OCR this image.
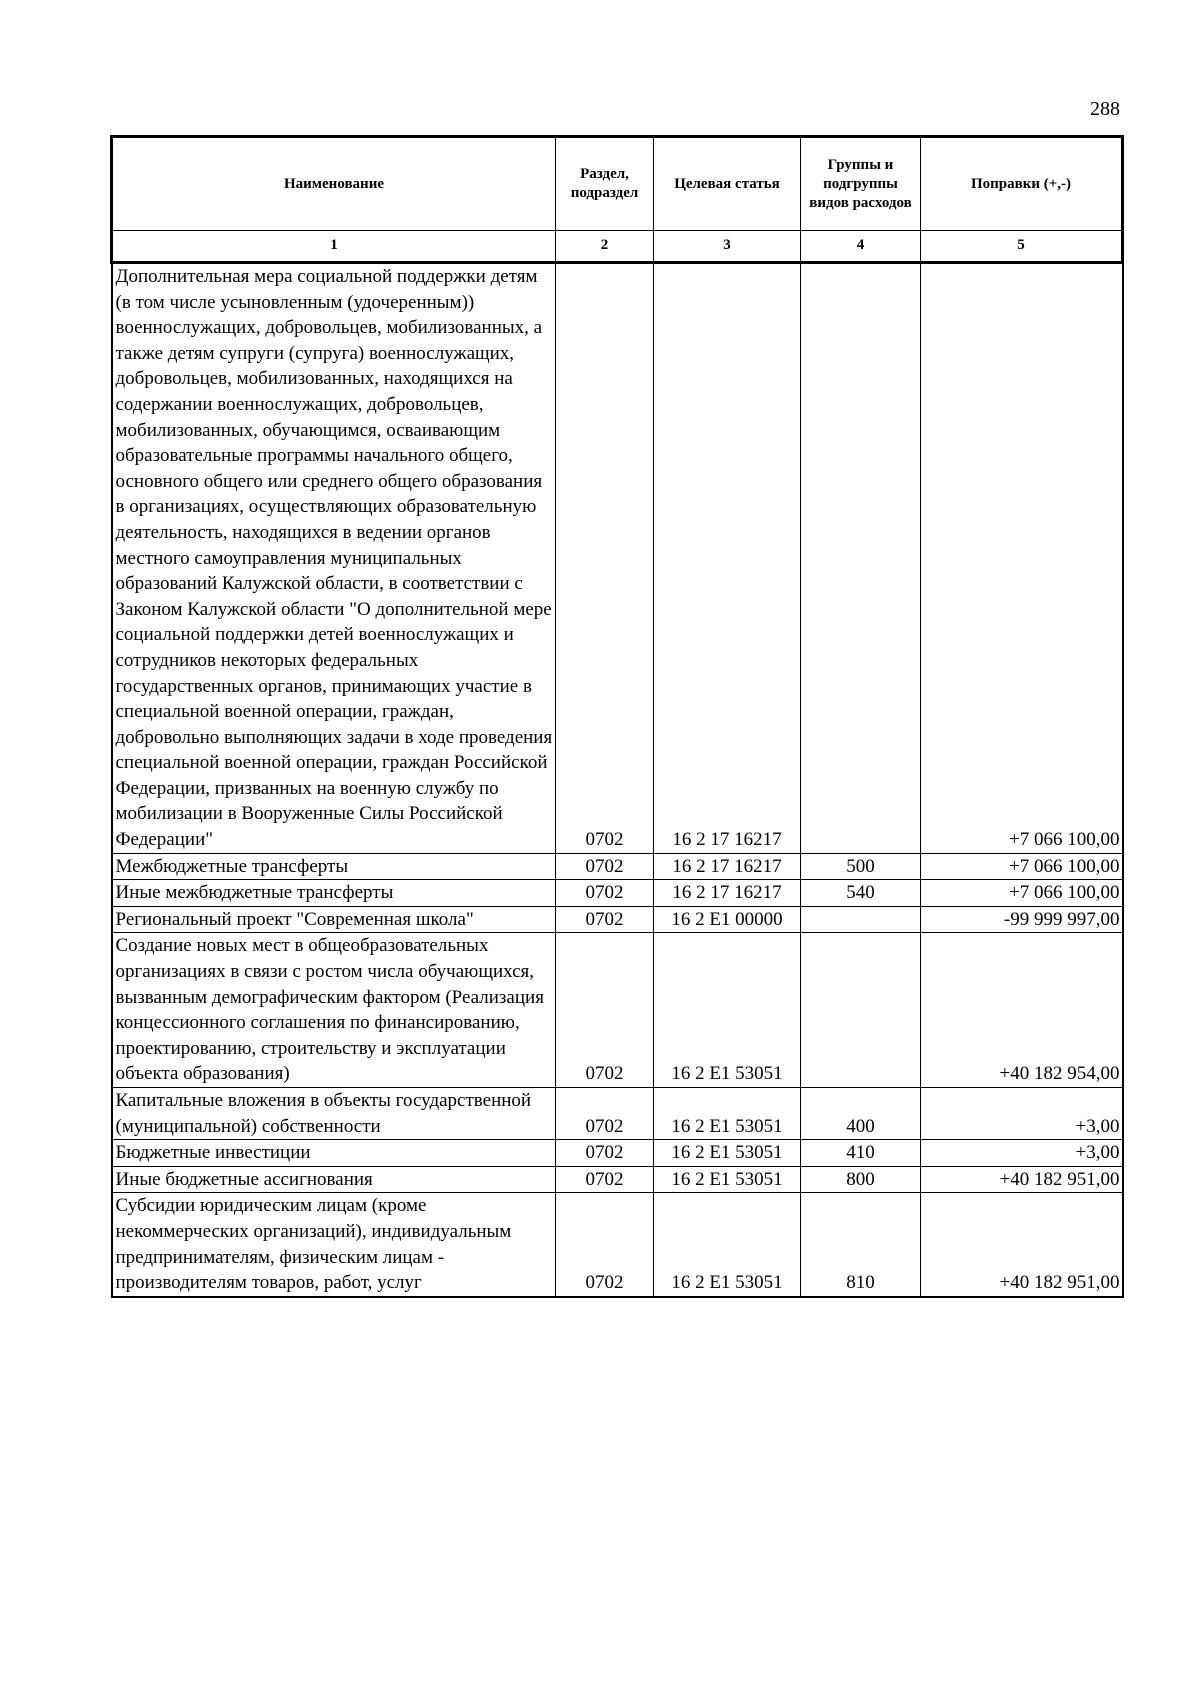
288
Наименование	Раздел, подраздел	Целевая статья	Группы и подгруппы видов расходов	Поправки (+,-)
1	2	3	4	5
Дополнительная мера социальной поддержки детям (в том числе усыновленным (удочеренным)) военнослужащих, добровольцев, мобилизованных, а также детям супруги (супруга) военнослужащих, добровольцев, мобилизованных, находящихся на содержании военнослужащих, добровольцев, мобилизованных, обучающимся, осваивающим образовательные программы начального общего, основного общего или среднего общего образования в организациях, осуществляющих образовательную деятельность, находящихся в ведении органов местного самоуправления муниципальных образований Калужской области, в соответствии с Законом Калужской области "О дополнительной мере социальной поддержки детей военнослужащих и сотрудников некоторых федеральных государственных органов, принимающих участие в специальной военной операции, граждан, добровольно выполняющих задачи в ходе проведения специальной военной операции, граждан Российской Федерации, призванных на военную службу по мобилизации в Вооруженные Силы Российской Федерации"	0702	16 2 17 16217		+7 066 100,00
Межбюджетные трансферты	0702	16 2 17 16217	500	+7 066 100,00
Иные межбюджетные трансферты	0702	16 2 17 16217	540	+7 066 100,00
Региональный проект "Современная школа"	0702	16 2 E1 00000		-99 999 997,00
Создание новых мест в общеобразовательных организациях в связи с ростом числа обучающихся, вызванным демографическим фактором (Реализация концессионного соглашения по финансированию, проектированию, строительству и эксплуатации объекта образования)	0702	16 2 E1 53051		+40 182 954,00
Капитальные вложения в объекты государственной (муниципальной) собственности	0702	16 2 E1 53051	400	+3,00
Бюджетные инвестиции	0702	16 2 E1 53051	410	+3,00
Иные бюджетные ассигнования	0702	16 2 E1 53051	800	+40 182 951,00
Субсидии юридическим лицам (кроме некоммерческих организаций), индивидуальным предпринимателям, физическим лицам - производителям товаров, работ, услуг	0702	16 2 E1 53051	810	+40 182 951,00
